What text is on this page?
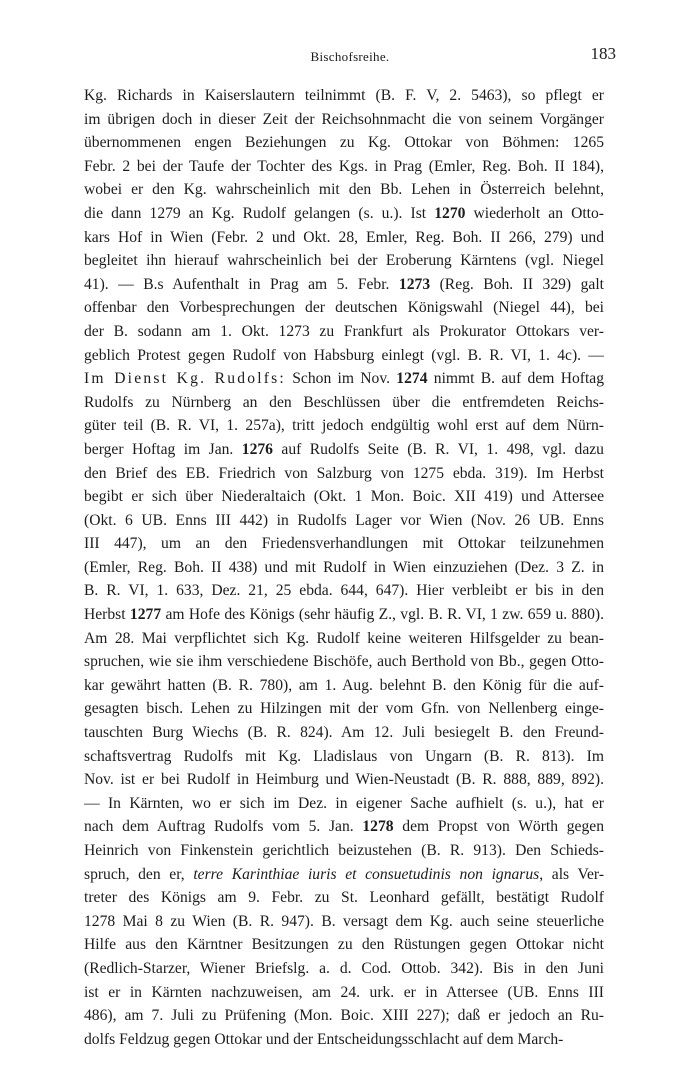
Bischofsreihe.	183
Kg. Richards in Kaiserslautern teilnimmt (B. F. V, 2. 5463), so pflegt er
im übrigen doch in dieser Zeit der Reichsohnmacht die von seinem Vorgänger
übernommenen engen Beziehungen zu Kg. Ottokar von Böhmen: 1265
Febr. 2 bei der Taufe der Tochter des Kgs. in Prag (Emler, Reg. Boh. II 184),
wobei er den Kg. wahrscheinlich mit den Bb. Lehen in Österreich belehnt,
die dann 1279 an Kg. Rudolf gelangen (s. u.). Ist 1270 wiederholt an Otto-
kars Hof in Wien (Febr. 2 und Okt. 28, Emler, Reg. Boh. II 266, 279) und
begleitet ihn hierauf wahrscheinlich bei der Eroberung Kärntens (vgl. Niegel
41). — B.s Aufenthalt in Prag am 5. Febr. 1273 (Reg. Boh. II 329) galt
offenbar den Vorbesprechungen der deutschen Königswahl (Niegel 44), bei
der B. sodann am 1. Okt. 1273 zu Frankfurt als Prokurator Ottokars ver-
geblich Protest gegen Rudolf von Habsburg einlegt (vgl. B. R. VI, 1. 4c). —
Im Dienst Kg. Rudolfs: Schon im Nov. 1274 nimmt B. auf dem Hoftag
Rudolfs zu Nürnberg an den Beschlüssen über die entfremdeten Reichs-
güter teil (B. R. VI, 1. 257a), tritt jedoch endgültig wohl erst auf dem Nürn-
berger Hoftag im Jan. 1276 auf Rudolfs Seite (B. R. VI, 1. 498, vgl. dazu
den Brief des EB. Friedrich von Salzburg von 1275 ebda. 319). Im Herbst
begibt er sich über Niederaltaich (Okt. 1 Mon. Boic. XII 419) und Attersee
(Okt. 6 UB. Enns III 442) in Rudolfs Lager vor Wien (Nov. 26 UB. Enns
III 447), um an den Friedensverhandlungen mit Ottokar teilzunehmen
(Emler, Reg. Boh. II 438) und mit Rudolf in Wien einzuziehen (Dez. 3 Z. in
B. R. VI, 1. 633, Dez. 21, 25 ebda. 644, 647). Hier verbleibt er bis in den
Herbst 1277 am Hofe des Königs (sehr häufig Z., vgl. B. R. VI, 1 zw. 659 u. 880).
Am 28. Mai verpflichtet sich Kg. Rudolf keine weiteren Hilfsgelder zu bean-
spruchen, wie sie ihm verschiedene Bischöfe, auch Berthold von Bb., gegen Otto-
kar gewährt hatten (B. R. 780), am 1. Aug. belehnt B. den König für die auf-
gesagten bisch. Lehen zu Hilzingen mit der vom Gfn. von Nellenberg einge-
tauschten Burg Wiechs (B. R. 824). Am 12. Juli besiegelt B. den Freund-
schaftsvertrag Rudolfs mit Kg. Lladislaus von Ungarn (B. R. 813). Im
Nov. ist er bei Rudolf in Heimburg und Wien-Neustadt (B. R. 888, 889, 892).
— In Kärnten, wo er sich im Dez. in eigener Sache aufhielt (s. u.), hat er
nach dem Auftrag Rudolfs vom 5. Jan. 1278 dem Propst von Wörth gegen
Heinrich von Finkenstein gerichtlich beizustehen (B. R. 913). Den Schieds-
spruch, den er, terre Karinthiae iuris et consuetudinis non ignarus, als Ver-
treter des Königs am 9. Febr. zu St. Leonhard gefällt, bestätigt Rudolf
1278 Mai 8 zu Wien (B. R. 947). B. versagt dem Kg. auch seine steuerliche
Hilfe aus den Kärntner Besitzungen zu den Rüstungen gegen Ottokar nicht
(Redlich-Starzer, Wiener Briefslg. a. d. Cod. Ottob. 342). Bis in den Juni
ist er in Kärnten nachzuweisen, am 24. urk. er in Attersee (UB. Enns III
486), am 7. Juli zu Prüfening (Mon. Boic. XIII 227); daß er jedoch an Ru-
dolfs Feldzug gegen Ottokar und der Entscheidungsschlacht auf dem March-
